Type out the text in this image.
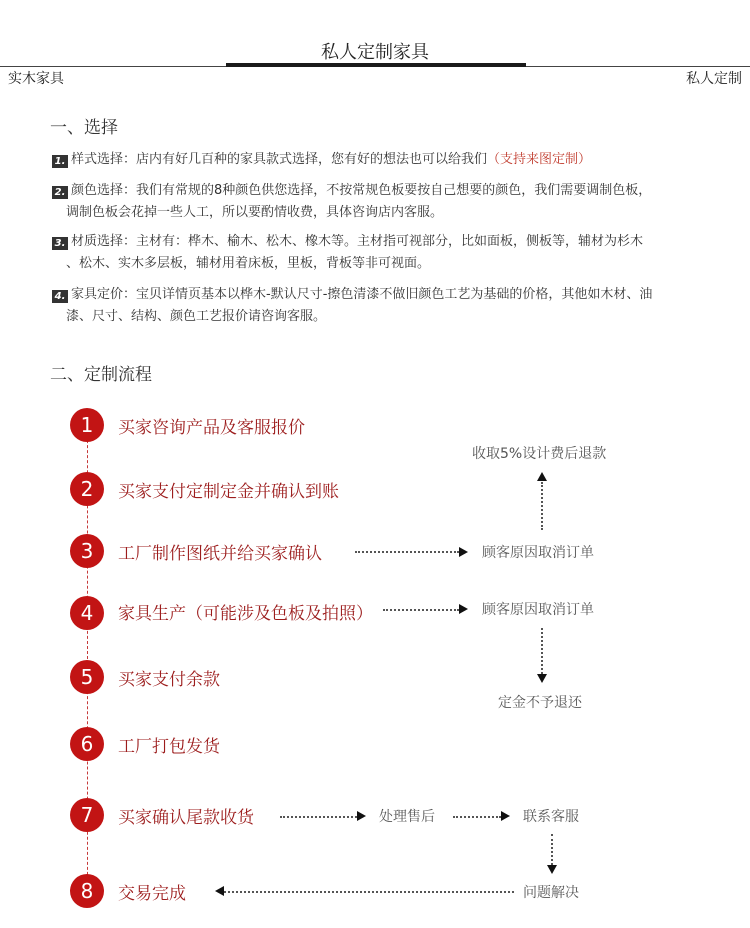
私人定制家具
实木家具	私人定制
一、选择
1. 样式选择：店内有好几百种的家具款式选择，您有好的想法也可以给我们（支持来图定制）
2. 颜色选择：我们有常规的8种颜色供您选择，不按常规色板要按自己想要的颜色，我们需要调制色板，
调制色板会花掉一些人工，所以要酌情收费，具体咨询店内客服。
3. 材质选择：主材有：桦木、榆木、松木、橡木等。主材指可视部分，比如面板，侧板等，辅材为杉木
、松木、实木多层板，辅材用着床板，里板，背板等非可视面。
4. 家具定价：宝贝详情页基本以桦木-默认尺寸-擦色清漆不做旧颜色工艺为基础的价格，其他如木材、油
漆、尺寸、结构、颜色工艺报价请咨询客服。
二、定制流程
1	买家咨询产品及客服报价
2	买家支付定制定金并确认到账
3	工厂制作图纸并给买家确认
4	家具生产（可能涉及色板及拍照）
5	买家支付余款
6	工厂打包发货
7	买家确认尾款收货
8	交易完成
收取5%设计费后退款
顾客原因取消订单
顾客原因取消订单
定金不予退还
处理售后	联系客服
问题解决
